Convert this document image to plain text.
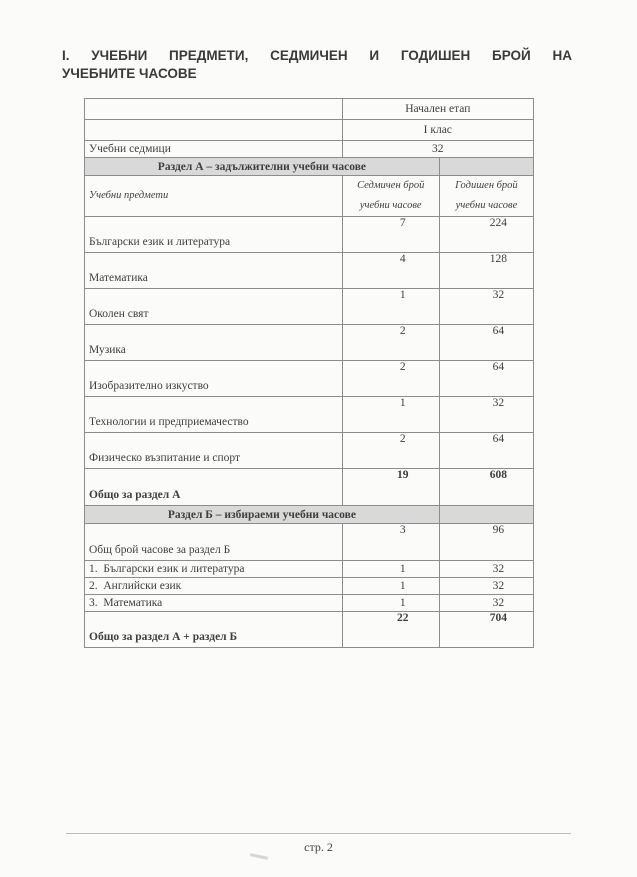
I. УЧЕБНИ ПРЕДМЕТИ, СЕДМИЧЕН И ГОДИШЕН БРОЙ НА
УЧЕБНИТЕ ЧАСОВЕ
	Начален етап	
	I клас	
Учебни седмици	32	
Раздел А – задължителни учебни часове		
Учебни предмети	Седмичен брой учебни часове	Годишен брой учебни часове
Български език и литература	7	224
Математика	4	128
Околен свят	1	32
Музика	2	64
Изобразително изкуство	2	64
Технологии и предприемачество	1	32
Физическо възпитание и спорт	2	64
Общо за раздел А	19	608
Раздел Б – избираеми учебни часове		
Общ брой часове за раздел Б	3	96
1. Български език и литература	1	32
2. Английски език	1	32
3. Математика	1	32
Общо за раздел А + раздел Б	22	704
стр. 2
